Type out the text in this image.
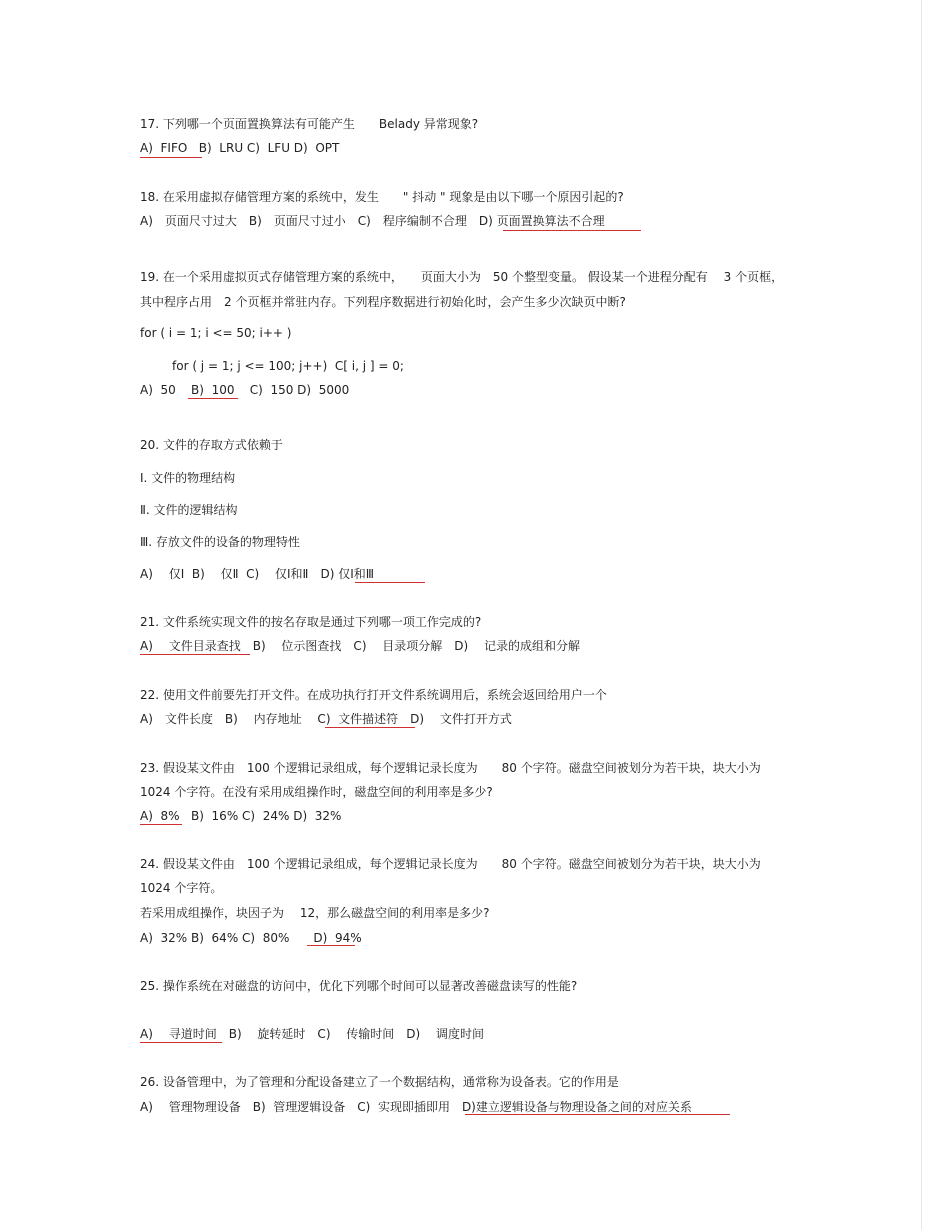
17. 下列哪一个页面置换算法有可能产生　　Belady 异常现象?
A)  FIFO   B)  LRU C)  LFU D)  OPT
18. 在采用虚拟存储管理方案的系统中，发生　　" 抖动 " 现象是由以下哪一个原因引起的?
A)　页面尺寸过大　B)　页面尺寸过小　C)　程序编制不合理　D) 页面置换算法不合理
19. 在一个采用虚拟页式存储管理方案的系统中，　　页面大小为　50 个整型变量。 假设某一个进程分配有　 3 个页框，
其中程序占用　2 个页框并常驻内存。下列程序数据进行初始化时，会产生多少次缺页中断?
for ( i = 1; i <= 50; i++ )
for ( j = 1; j <= 100; j++)  C[ i, j ] = 0;
A)  50    B)  100    C)  150 D)  5000
20. 文件的存取方式依赖于
Ⅰ. 文件的物理结构
Ⅱ. 文件的逻辑结构
Ⅲ. 存放文件的设备的物理特性
A)　 仅Ⅰ  B)　 仅Ⅱ  C)　 仅Ⅰ和Ⅱ　D) 仅Ⅰ和Ⅲ
21. 文件系统实现文件的按名存取是通过下列哪一项工作完成的?
A)　 文件目录查找　B)　 位示图查找　C)　 目录项分解　D)　 记录的成组和分解
22. 使用文件前要先打开文件。在成功执行打开文件系统调用后，系统会返回给用户一个
A)　文件长度　B)　 内存地址　 C)  文件描述符　D)　 文件打开方式
23. 假设某文件由　100 个逻辑记录组成，每个逻辑记录长度为　　80 个字符。磁盘空间被划分为若干块，块大小为
1024 个字符。在没有采用成组操作时，磁盘空间的利用率是多少?
A)  8%   B)  16% C)  24% D)  32%
24. 假设某文件由　100 个逻辑记录组成，每个逻辑记录长度为　　80 个字符。磁盘空间被划分为若干块，块大小为
1024 个字符。
若采用成组操作，块因子为　 12，那么磁盘空间的利用率是多少?
A)  32% B)  64% C)  80%　　D)  94%
25. 操作系统在对磁盘的访问中，优化下列哪个时间可以显著改善磁盘读写的性能?
A)　 寻道时间　B)　 旋转延时　C)　 传输时间　D)　 调度时间
26. 设备管理中，为了管理和分配设备建立了一个数据结构，通常称为设备表。它的作用是
A)　 管理物理设备　B)  管理逻辑设备　C)  实现即插即用　D)建立逻辑设备与物理设备之间的对应关系
